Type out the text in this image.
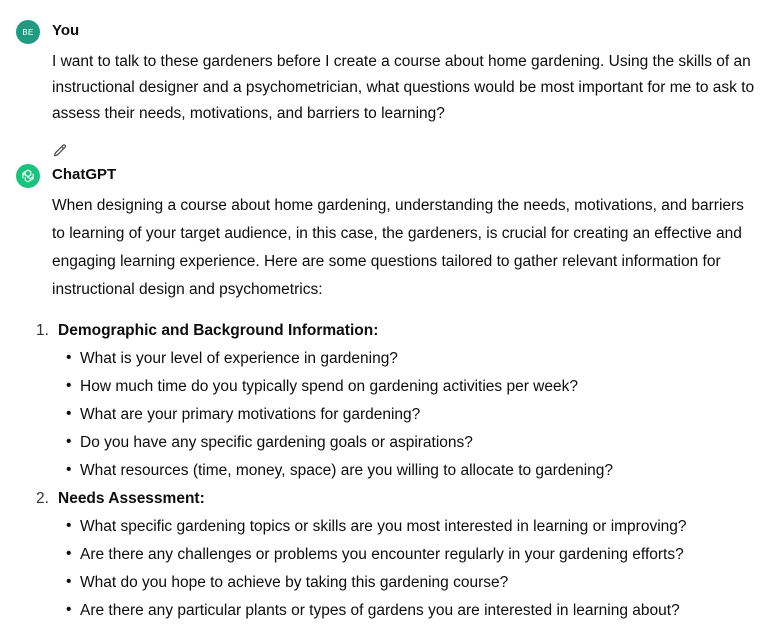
BE You
I want to talk to these gardeners before I create a course about home gardening. Using the skills of an instructional designer and a psychometrician, what questions would be most important for me to ask to assess their needs, motivations, and barriers to learning?
ChatGPT
When designing a course about home gardening, understanding the needs, motivations, and barriers to learning of your target audience, in this case, the gardeners, is crucial for creating an effective and engaging learning experience. Here are some questions tailored to gather relevant information for instructional design and psychometrics:
1. Demographic and Background Information:
• What is your level of experience in gardening?
• How much time do you typically spend on gardening activities per week?
• What are your primary motivations for gardening?
• Do you have any specific gardening goals or aspirations?
• What resources (time, money, space) are you willing to allocate to gardening?
2. Needs Assessment:
• What specific gardening topics or skills are you most interested in learning or improving?
• Are there any challenges or problems you encounter regularly in your gardening efforts?
• What do you hope to achieve by taking this gardening course?
• Are there any particular plants or types of gardens you are interested in learning about?
